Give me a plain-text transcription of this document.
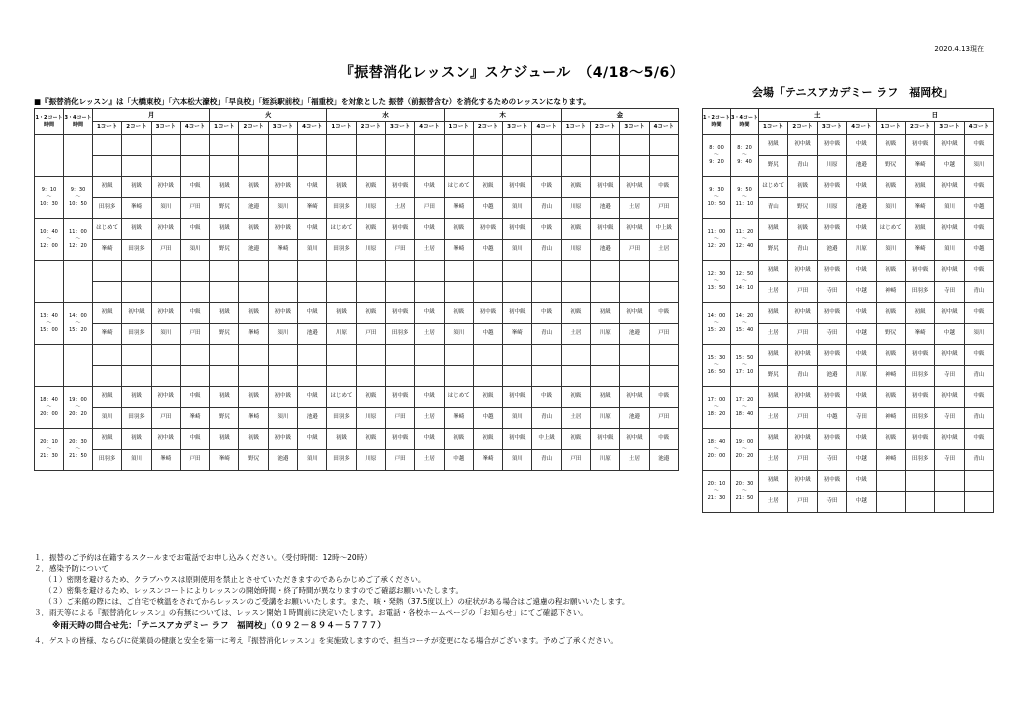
2020.4.13現在
『振替消化レッスン』スケジュール　（4/18～5/6）
会場「テニスアカデミー ラフ　福岡校」
■『振替消化レッスン』は「大橋東校」「六本松大濠校」「早良校」「姪浜駅前校」「福重校」を対象とした 振替（前振替含む）を消化するためのレッスンになります。
1・2コート
時間	3・4コート
時間	月				火				水				木				金			
		1コート	2コート	3コート	4コート	1コート	2コート	3コート	4コート	1コート	2コート	3コート	4コート	1コート	2コート	3コート	4コート	1コート	2コート	3コート	4コート

9：10
～
10：30	9：30
～
10：50	初級	初級	初中級	中級	初級	初級	初中級	中級	初級	初級	初中級	中級	はじめて	初級	初中級	中級	初級	初中級	初中級	中級
		田羽多	峯崎	須川	戸田	野尻	池邉	須川	峯崎	田羽多	川原	土居	戸田	峯崎	中越	須川	青山	川原	池邉	土居	戸田
10：40
～
12：00	11：00
～
12：20	はじめて	初級	初中級	中級	初級	初級	初中級	中級	はじめて	初級	初中級	中級	初級	初中級	初中級	中級	初級	初中級	初中級	中上級
		峯崎	田羽多	戸田	須川	野尻	池邉	峯崎	須川	田羽多	川原	戸田	土居	峯崎	中越	須川	青山	川原	池邉	戸田	土居

13：40
～
15：00	14：00
～
15：20	初級	初中級	初中級	中級	初級	初級	初中級	中級	初級	初級	初中級	中級	初級	初中級	初中級	中級	初級	初級	初中級	中級
		峯崎	田羽多	須川	戸田	野尻	峯崎	須川	池邉	川原	戸田	田羽多	土居	須川	中越	峯崎	青山	土居	川原	池邉	戸田

18：40
～
20：00	19：00
～
20：20	初級	初級	初中級	中級	初級	初級	初中級	中級	はじめて	初級	初中級	中級	はじめて	初級	初中級	中級	初級	初級	初中級	中級
		須川	田羽多	戸田	峯崎	野尻	峯崎	須川	池邉	田羽多	川原	戸田	土居	峯崎	中越	須川	青山	土居	川原	池邉	戸田
20：10
～
21：30	20：30
～
21：50	初級	初級	初中級	中級	初級	初級	初中級	中級	初級	初級	初中級	中級	初級	初級	初中級	中上級	初級	初中級	初中級	中級
		田羽多	須川	峯崎	戸田	峯崎	野尻	池邉	須川	田羽多	川原	戸田	土居	中越	峯崎	須川	青山	戸田	川原	土居	池邉
1・2コート
時間	3・4コート
時間	土				日			
		1コート	2コート	3コート	4コート	1コート	2コート	3コート	4コート
8：00
～
9：20	8：20
～
9：40	初級	初中級	初中級	中級	初級	初中級	初中級	中級
		野尻	青山	川原	池邉	野尻	峯崎	中越	須川
9：30
～
10：50	9：50
～
11：10	はじめて	初級	初中級	中級	初級	初級	初中級	中級
		青山	野尻	川原	池邉	須川	峯崎	須川	中越
11：00
～
12：20	11：20
～
12：40	初級	初級	初中級	中級	はじめて	初級	初中級	中級
		野尻	青山	池邉	川原	須川	峯崎	須川	中越
12：30
～
13：50	12：50
～
14：10	初級	初中級	初中級	中級	初級	初中級	初中級	中級
		土居	戸田	寺田	中越	神崎	田羽多	寺田	青山
14：00
～
15：20	14：20
～
15：40	初級	初中級	初中級	中級	初級	初級	初中級	中級
		土居	戸田	寺田	中越	野尻	峯崎	中越	須川
15：30
～
16：50	15：50
～
17：10	初級	初中級	初中級	中級	初級	初中級	初中級	中級
		野尻	青山	池邉	川原	神崎	田羽多	寺田	青山
17：00
～
18：20	17：20
～
18：40	初級	初中級	初中級	中級	初級	初中級	初中級	中級
		土居	戸田	中越	寺田	神崎	田羽多	寺田	青山
18：40
～
20：00	19：00
～
20：20	初級	初中級	初中級	中級	初級	初中級	初中級	中級
		土居	戸田	寺田	中越	神崎	田羽多	寺田	青山
20：10
～
21：30	20：30
～
21：50	初級	初中級	初中級	中級				
		土居	戸田	寺田	中越				
１．振替のご予約は在籍するスクールまでお電話でお申し込みください。（受付時間：12時～20時）
２．感染予防について
（１）密閉を避けるため、クラブハウスは原則使用を禁止とさせていただきますのであらかじめご了承ください。
（２）密集を避けるため、レッスンコートによりレッスンの開始時間・終了時間が異なりますのでご確認お願いいたします。
（３）ご来館の際には、ご自宅で検温をされてからレッスンのご受講をお願いいたします。また、咳・発熱（37.5度以上）の症状がある場合はご遠慮の程お願いいたします。
３．雨天等による『振替消化レッスン』の有無については、レッスン開始１時間前に決定いたします。お電話・各校ホームページの「お知らせ」にてご確認下さい。
※雨天時の問合せ先：「テニスアカデミー ラフ　福岡校」（０９２－８９４－５７７７）
４．ゲストの皆様、ならびに従業員の健康と安全を第一に考え『振替消化レッスン』を実施致しますので、担当コーチが変更になる場合がございます。予めご了承ください。
